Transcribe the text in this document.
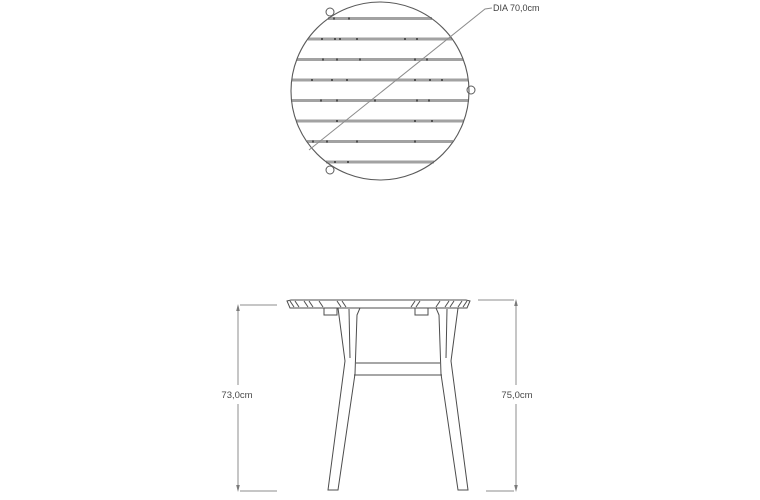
DIA 70,0cm
73,0cm	75,0cm
